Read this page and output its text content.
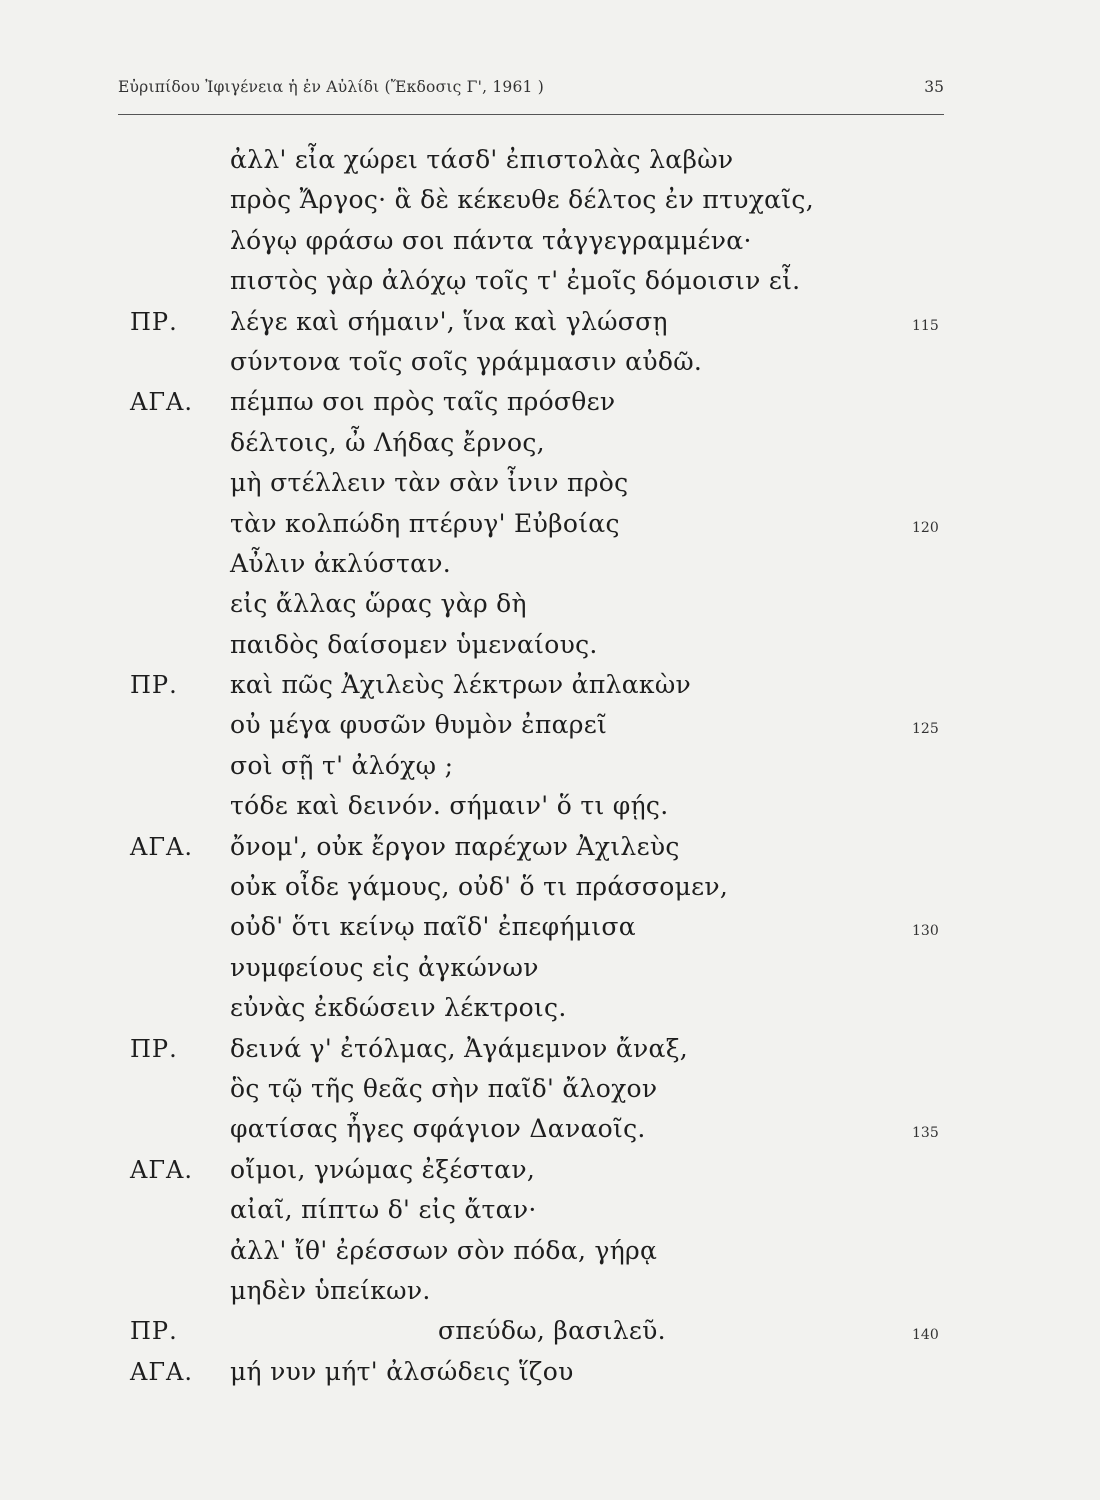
Εὐριπίδου Ἰφιγένεια ἡ ἐν Αὐλίδι (Ἔκδοσις Γ', 1961 )	35
ἀλλ' εἶα χώρει τάσδ' ἐπιστολὰς λαβὼν
πρὸς Ἄργος· ἃ δὲ κέκευθε δέλτος ἐν πτυχαῖς,
λόγῳ φράσω σοι πάντα τἀγγεγραμμένα·
πιστὸς γὰρ ἀλόχῳ τοῖς τ' ἐμοῖς δόμοισιν εἶ.
ΠΡ. λέγε καὶ σήμαιν', ἵνα καὶ γλώσσῃ	115
σύντονα τοῖς σοῖς γράμμασιν αὐδῶ.
ΑΓΑ. πέμπω σοι πρὸς ταῖς πρόσθεν
δέλτοις, ὦ Λήδας ἔρνος,
μὴ στέλλειν τὰν σὰν ἶνιν πρὸς
τὰν κολπώδη πτέρυγ' Εὐβοίας	120
Αὖλιν ἀκλύσταν.
εἰς ἄλλας ὥρας γὰρ δὴ
παιδὸς δαίσομεν ὑμεναίους.
ΠΡ. καὶ πῶς Ἀχιλεὺς λέκτρων ἀπλακὼν
οὐ μέγα φυσῶν θυμὸν ἐπαρεῖ	125
σοὶ σῇ τ' ἀλόχῳ ;
τόδε καὶ δεινόν. σήμαιν' ὅ τι φῄς.
ΑΓΑ. ὄνομ', οὐκ ἔργον παρέχων Ἀχιλεὺς
οὐκ οἶδε γάμους, οὐδ' ὅ τι πράσσομεν,
οὐδ' ὅτι κείνῳ παῖδ' ἐπεφήμισα	130
νυμφείους εἰς ἀγκώνων
εὐνὰς ἐκδώσειν λέκτροις.
ΠΡ. δεινά γ' ἐτόλμας, Ἀγάμεμνον ἄναξ,
ὃς τῷ τῆς θεᾶς σὴν παῖδ' ἄλοχον
φατίσας ἦγες σφάγιον Δαναοῖς.	135
ΑΓΑ. οἴμοι, γνώμας ἐξέσταν,
αἰαῖ, πίπτω δ' εἰς ἄταν·
ἀλλ' ἴθ' ἐρέσσων σὸν πόδα, γήρᾳ
μηδὲν ὑπείκων.
ΠΡ.	σπεύδω, βασιλεῦ.	140
ΑΓΑ. μή νυν μήτ' ἀλσώδεις ἵζου
